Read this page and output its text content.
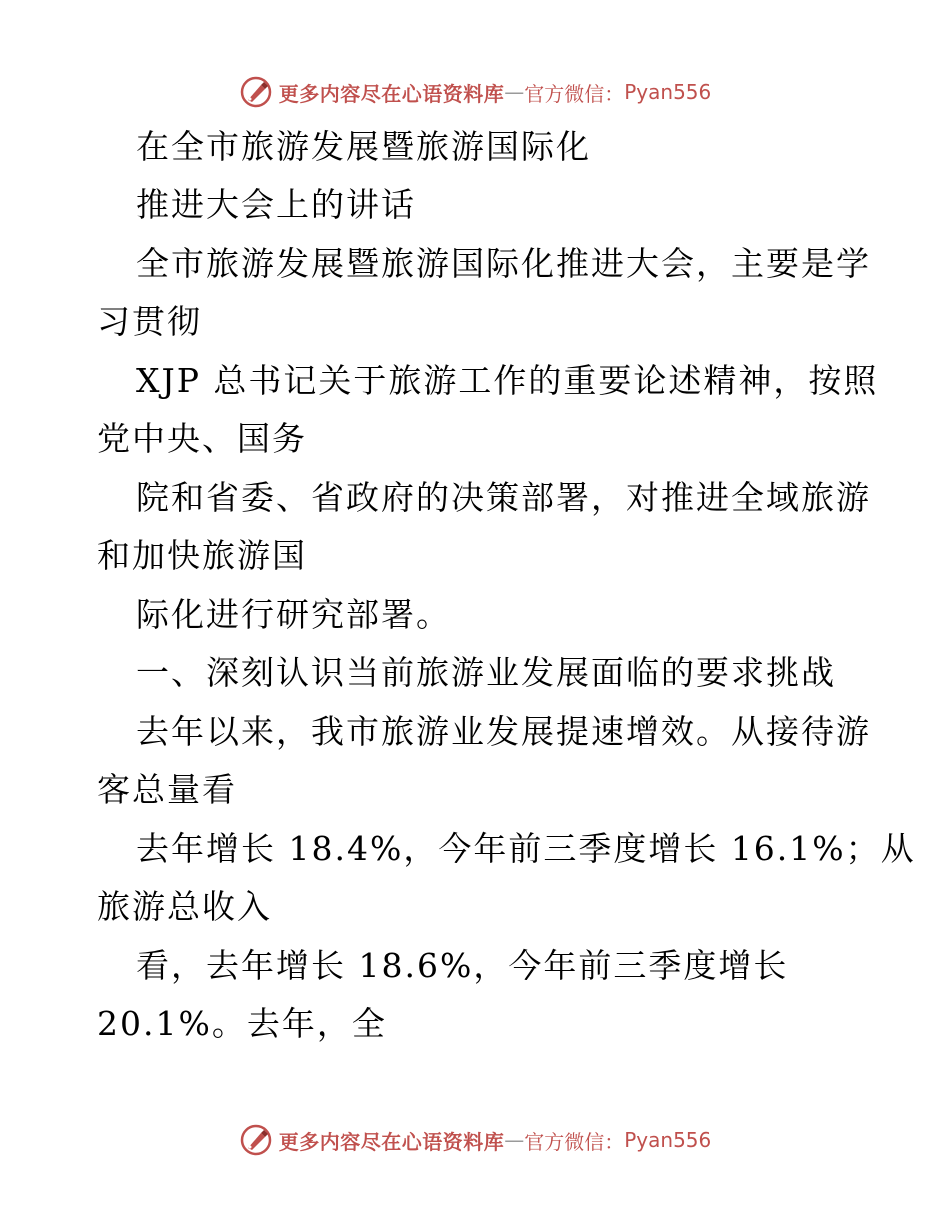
更多内容尽在心语资料库 — 官方微信： Pyan556
在全市旅游发展暨旅游国际化
推进大会上的讲话
全市旅游发展暨旅游国际化推进大会，主要是学
习贯彻
XJP 总书记关于旅游工作的重要论述精神，按照
党中央、国务
院和省委、省政府的决策部署，对推进全域旅游
和加快旅游国
际化进行研究部署。
一、深刻认识当前旅游业发展面临的要求挑战
去年以来，我市旅游业发展提速增效。从接待游
客总量看
去年增长 18.4%，今年前三季度增长 16.1%；从
旅游总收入
看，去年增长 18.6%，今年前三季度增长
20.1%。去年，全
更多内容尽在心语资料库 — 官方微信： Pyan556
